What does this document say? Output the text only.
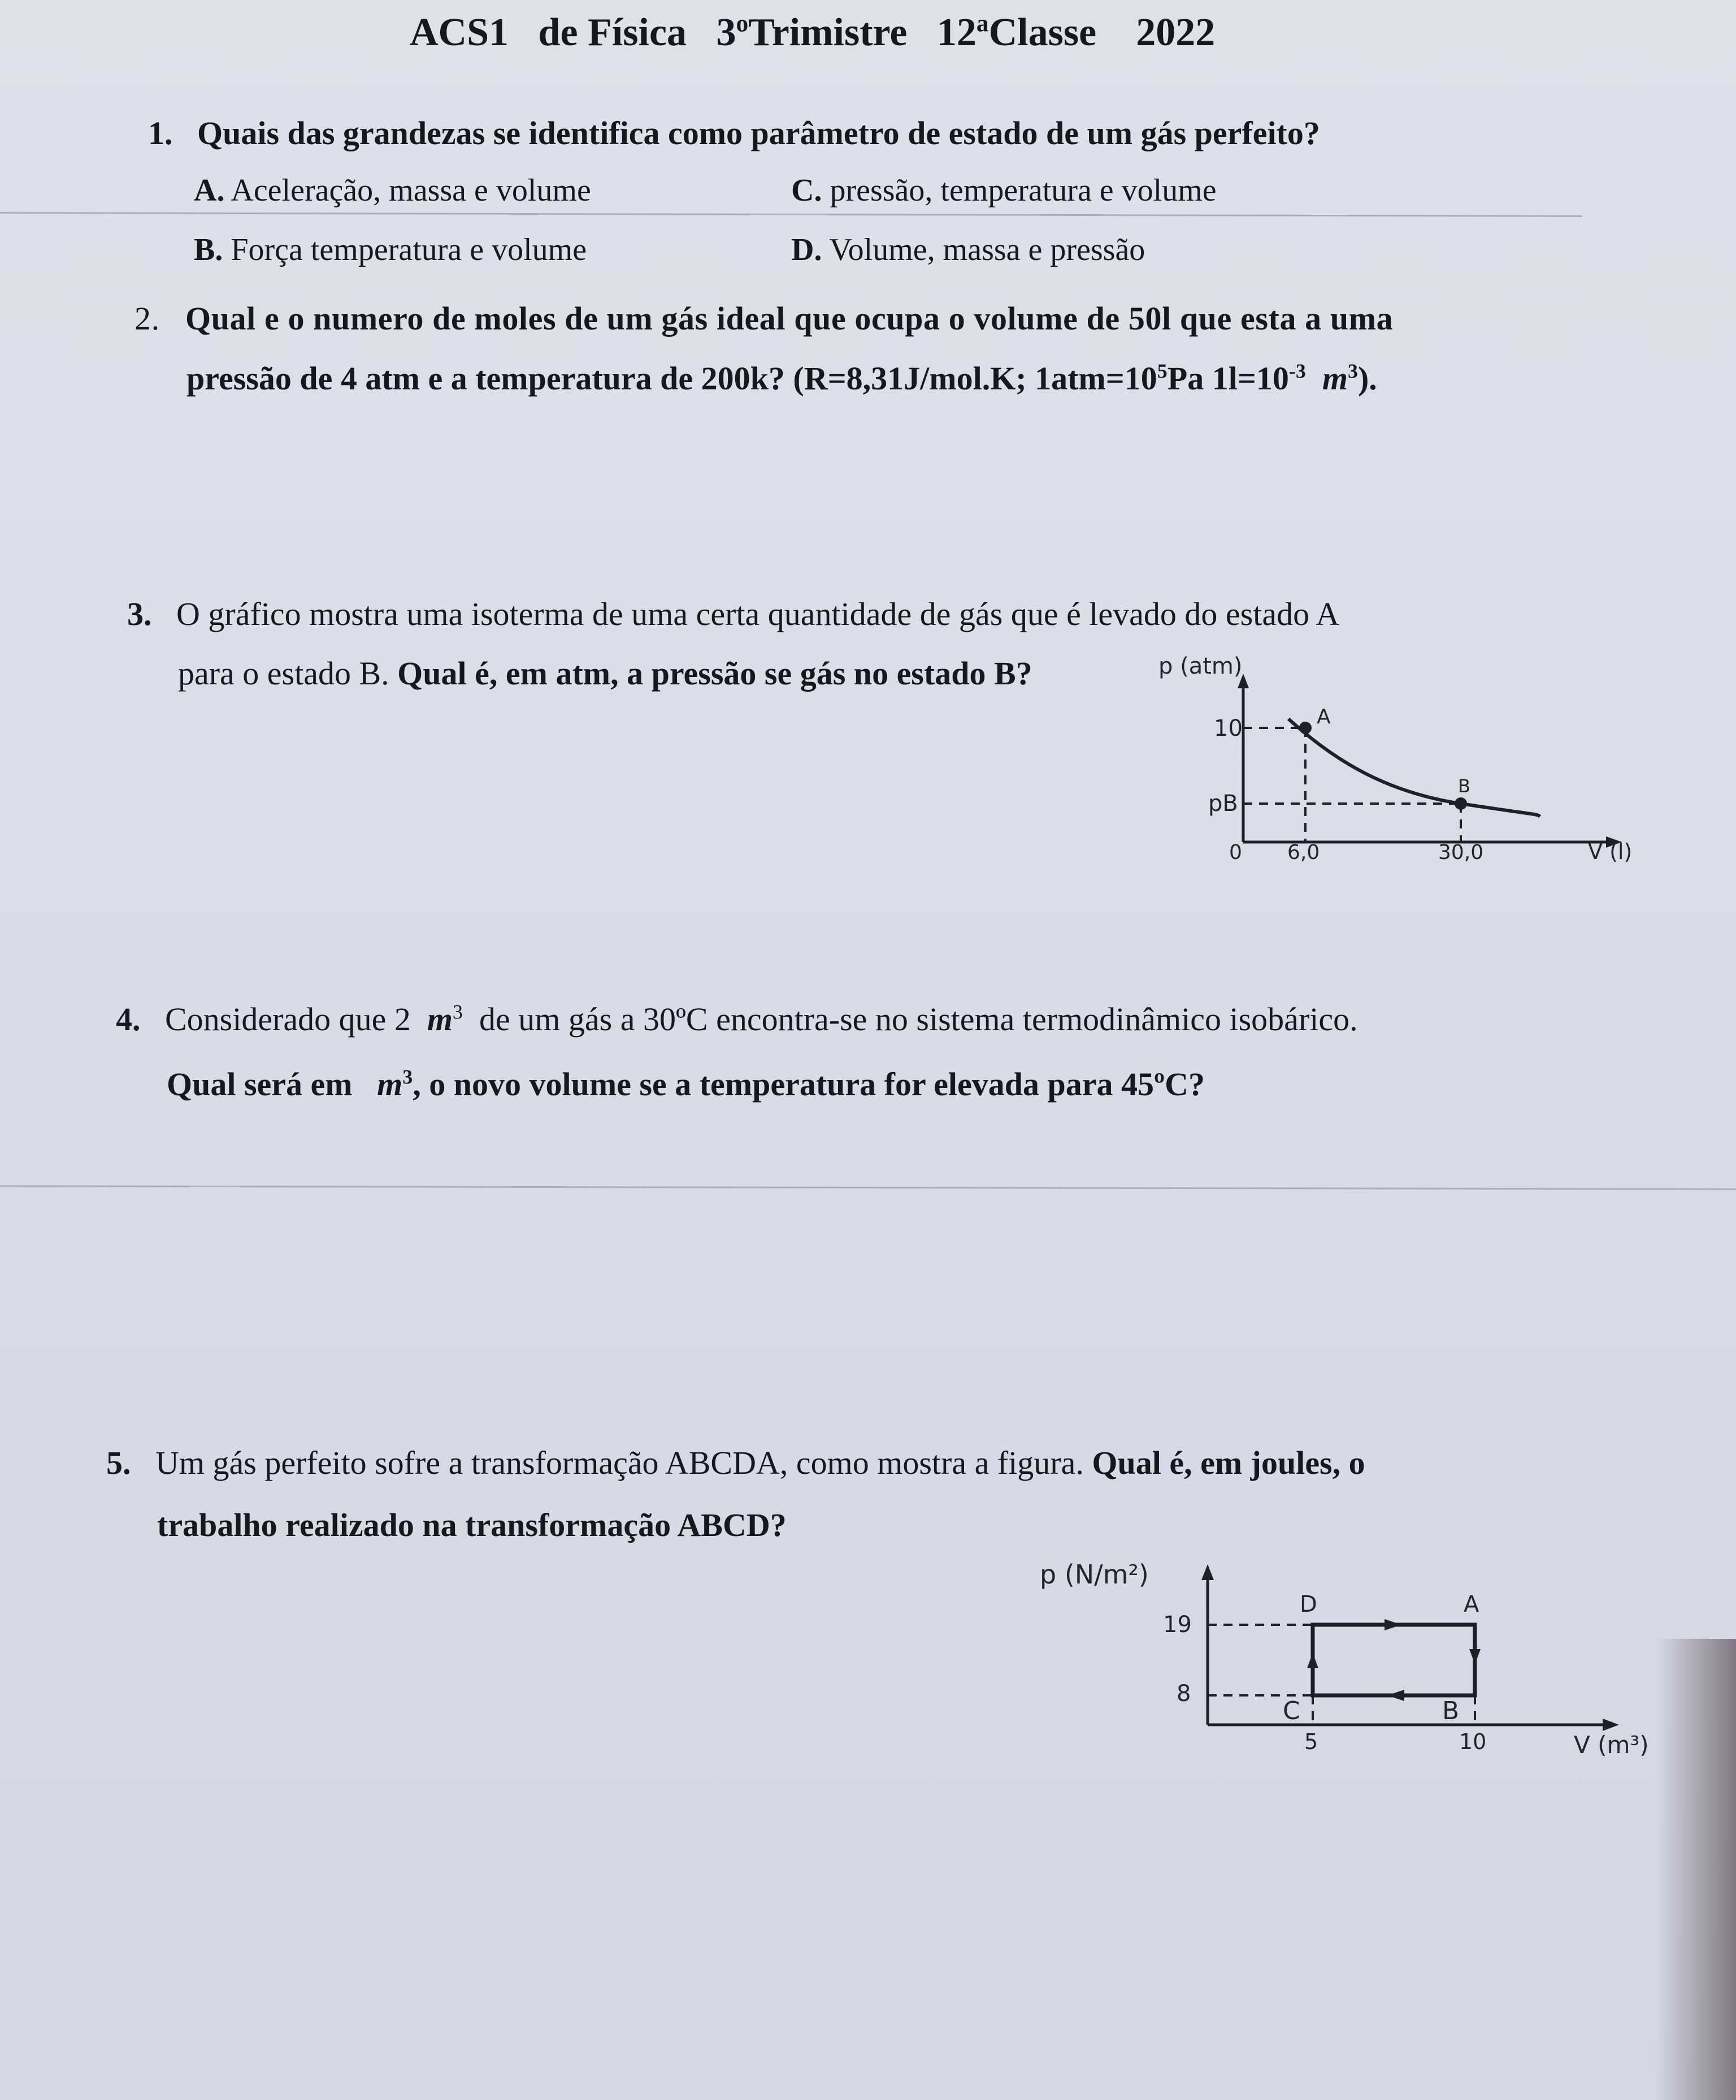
ACS1 de Física 3$^o$Trimistre 12$^a$Classe 2022
1. Quais das grandezas se identifica como parâmetro de estado de um gás perfeito?
A. Aceleração, massa e volume
B. Força temperatura e volume
C. pressão, temperatura e volume
D. Volume, massa e pressão
2. Qual e o numero de moles de um gás ideal que ocupa o volume de 50l que esta a uma
pressão de 4 atm e a temperatura de 200k? (R=8,31J/mol.K; $1atm=10^5Pa$ $1l=10^{-3}$ $m^3$).
3. O gráfico mostra uma isoterma de uma certa quantidade de gás que é levado do estado A
para o estado B. Qual é, em atm, a pressão se gás no estado B?	p (atm)
10
pB
0 6,0	30,0
A
B
V (l)
4. Considerado que 2 $m^3$ de um gás a 30ºC encontra-se no sistema termodinâmico isobárico.
Qual será em $m^3$, o novo volume se a temperatura for elevada para 45ºC?
5. Um gás perfeito sofre a transformação ABCDA, como mostra a figura. Qual é, em joules, o
trabalho realizado na transformação ABCD?
p (N/m²)
19
8
5	10
D	A
B
C
V (m³)
